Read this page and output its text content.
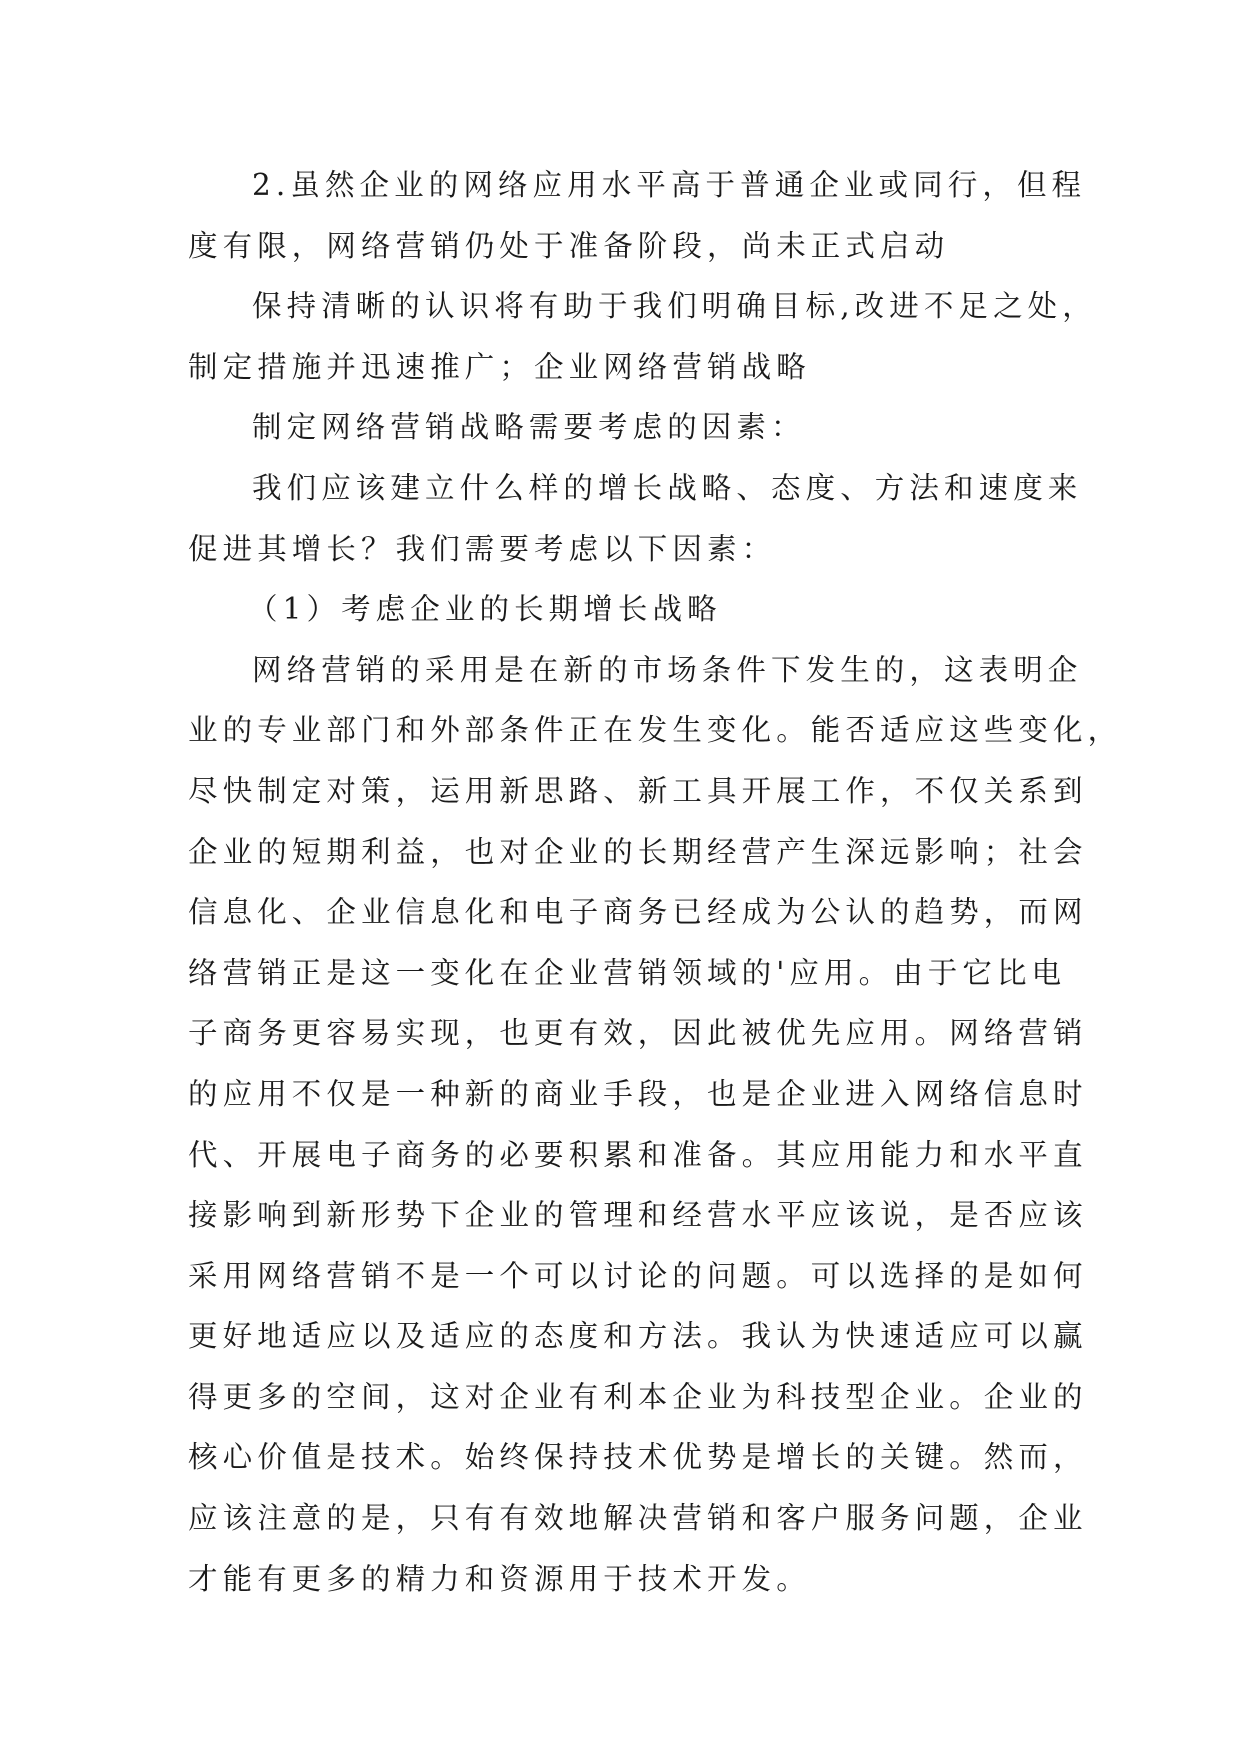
2.虽然企业的网络应用水平高于普通企业或同行，但程
度有限，网络营销仍处于准备阶段，尚未正式启动
保持清晰的认识将有助于我们明确目标,改进不足之处，
制定措施并迅速推广；企业网络营销战略
制定网络营销战略需要考虑的因素：
我们应该建立什么样的增长战略、态度、方法和速度来
促进其增长？我们需要考虑以下因素：
（1）考虑企业的长期增长战略
网络营销的采用是在新的市场条件下发生的，这表明企
业的专业部门和外部条件正在发生变化。能否适应这些变化，
尽快制定对策，运用新思路、新工具开展工作，不仅关系到
企业的短期利益，也对企业的长期经营产生深远影响；社会
信息化、企业信息化和电子商务已经成为公认的趋势，而网
络营销正是这一变化在企业营销领域的'应用。由于它比电
子商务更容易实现，也更有效，因此被优先应用。网络营销
的应用不仅是一种新的商业手段，也是企业进入网络信息时
代、开展电子商务的必要积累和准备。其应用能力和水平直
接影响到新形势下企业的管理和经营水平应该说，是否应该
采用网络营销不是一个可以讨论的问题。可以选择的是如何
更好地适应以及适应的态度和方法。我认为快速适应可以赢
得更多的空间，这对企业有利本企业为科技型企业。企业的
核心价值是技术。始终保持技术优势是增长的关键。然而，
应该注意的是，只有有效地解决营销和客户服务问题，企业
才能有更多的精力和资源用于技术开发。
